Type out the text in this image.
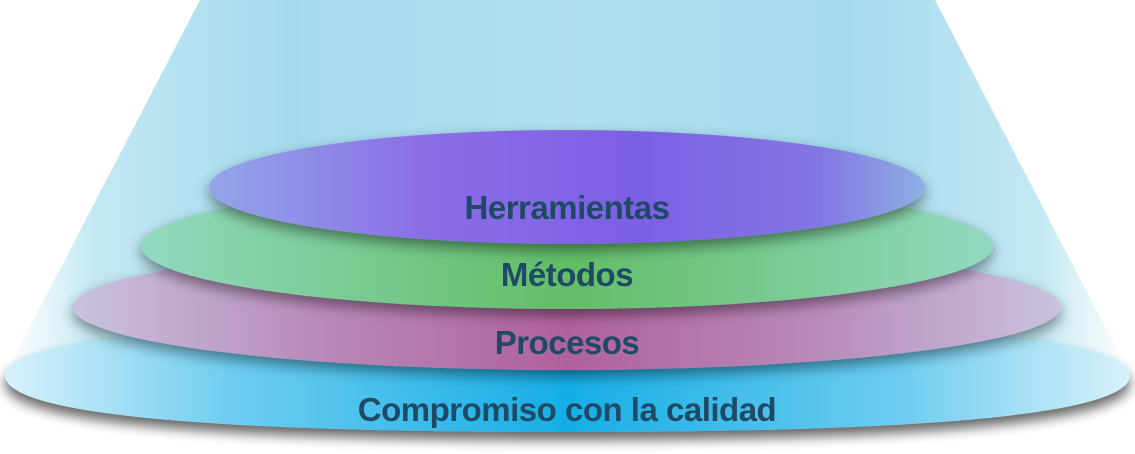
Compromiso con la calidad
Procesos
Métodos
Herramientas
